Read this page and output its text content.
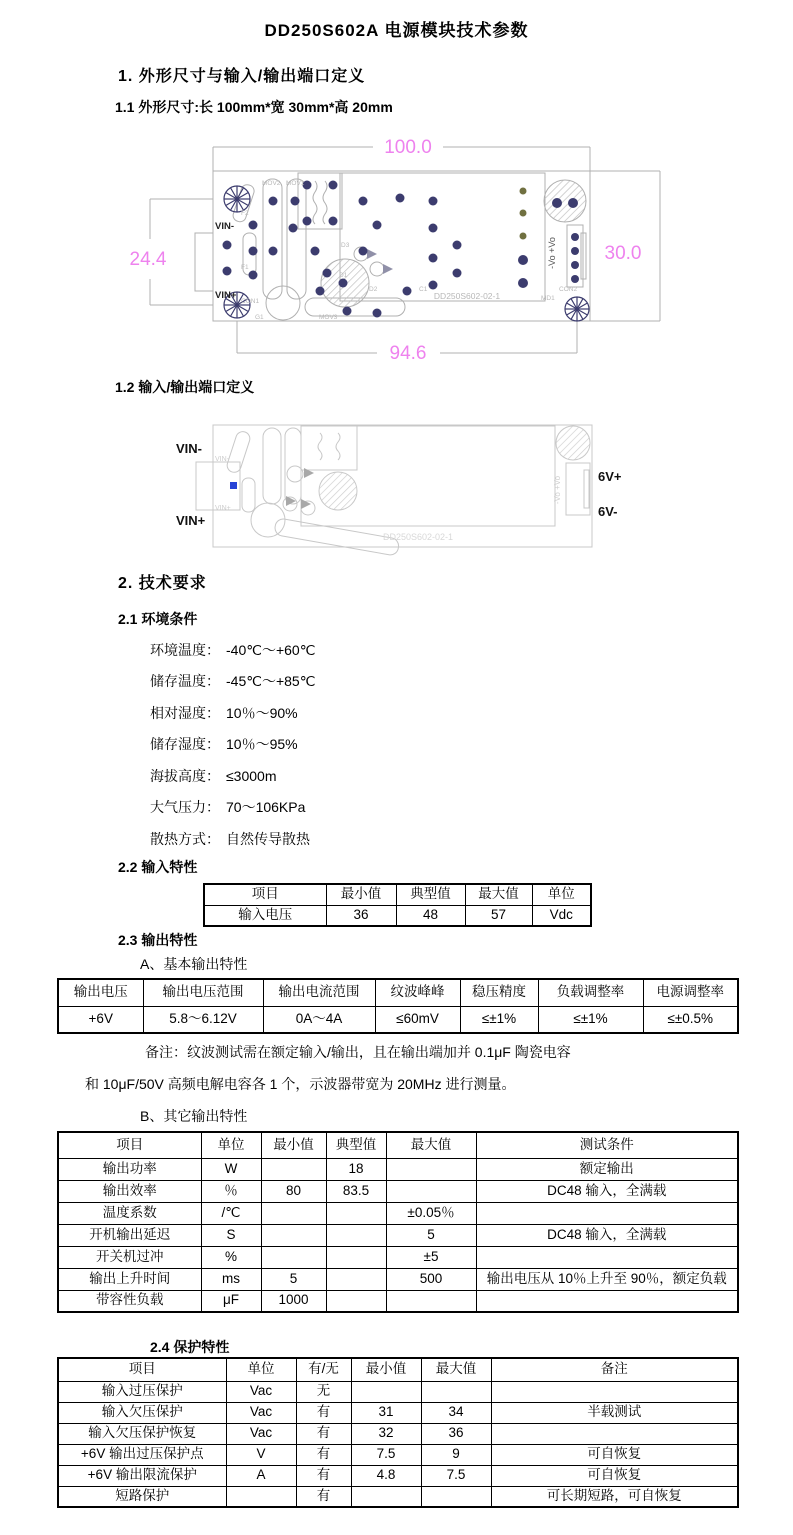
DD250S602A 电源模块技术参数
1. 外形尺寸与输入/输出端口定义
1.1 外形尺寸:长 100mm*宽 30mm*高 20mm
100.0
94.6
24.4	30.0
VIN-
VIN+
MOV2 MOV1
F2
F1
CON1
G1	MOV3
D3
D1
D2	C1	CON2
MD1
DD250S602-02-1
-Vo +Vo
1.2 输入/输出端口定义
VIN-
VIN+
6V+
6V-
VIN-
VIN+
DD250S602-02-1
-Vo +Vo
2. 技术要求
2.1 环境条件
环境温度： -40℃～+60℃
储存温度： -45℃～+85℃
相对湿度： 10％～90%
储存湿度： 10％～95%
海拔高度： ≤3000m
大气压力： 70～106KPa
散热方式： 自然传导散热
2.2 输入特性
项目	最小值	典型值	最大值	单位
输入电压	36	48	57	Vdc
2.3 输出特性
A、基本输出特性
输出电压	输出电压范围	输出电流范围	纹波峰峰	稳压精度	负载调整率	电源调整率
+6V	5.8～6.12V	0A～4A	≤60mV	≤±1%	≤±1%	≤±0.5%
备注：纹波测试需在额定输入/输出，且在输出端加并 0.1μF 陶瓷电容
和 10μF/50V 高频电解电容各 1 个，示波器带宽为 20MHz 进行测量。
B、其它输出特性
项目	单位	最小值	典型值	最大值	测试条件
输出功率	W		18		额定输出
输出效率	％	80	83.5		DC48 输入，全满载
温度系数	/℃			±0.05％	
开机输出延迟	S			5	DC48 输入，全满载
开关机过冲	%			±5	
输出上升时间	ms	5		500	输出电压从 10％上升至 90％，额定负载
带容性负载	μF	1000			
2.4 保护特性
项目	单位	有/无	最小值	最大值	备注
输入过压保护	Vac	无			
输入欠压保护	Vac	有	31	34	半载测试
输入欠压保护恢复	Vac	有	32	36	
+6V 输出过压保护点	V	有	7.5	9	可自恢复
+6V 输出限流保护	A	有	4.8	7.5	可自恢复
短路保护		有			可长期短路，可自恢复
